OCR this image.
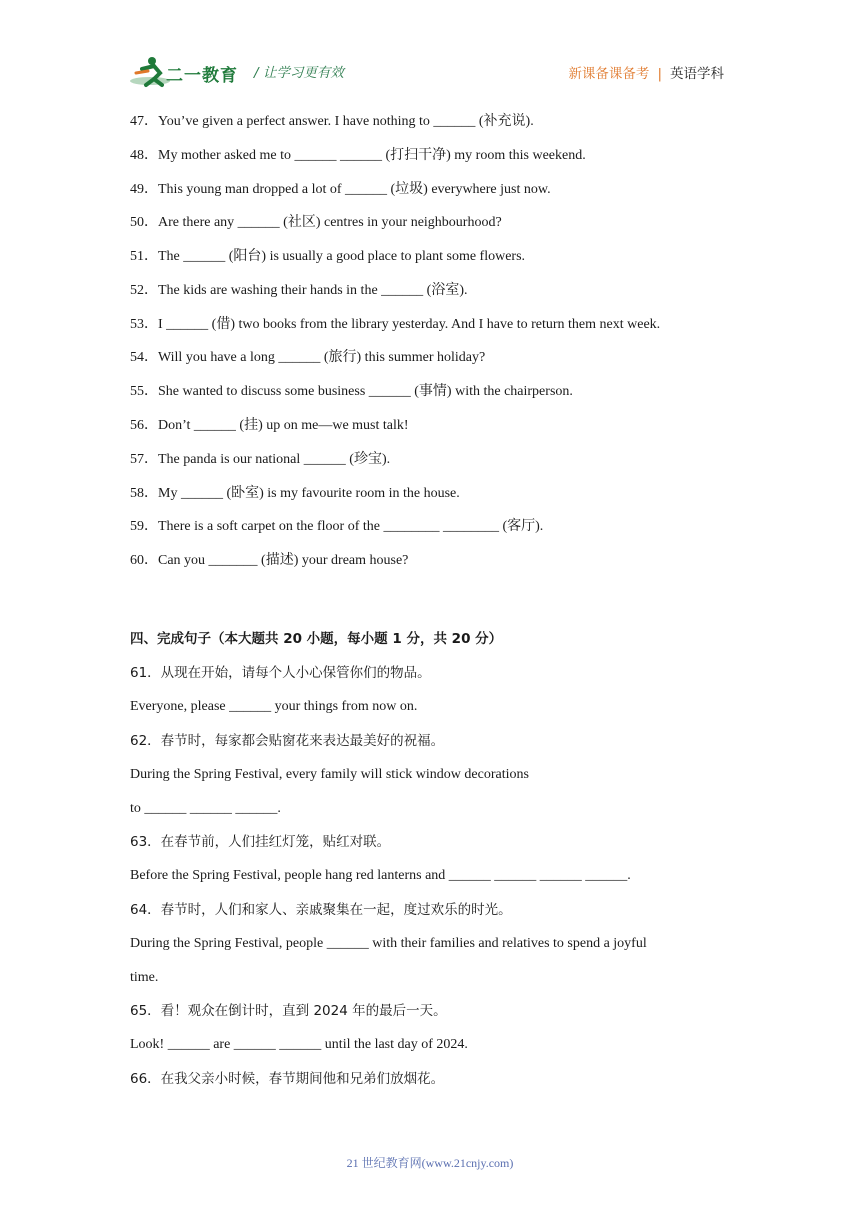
二一教育 / 让学习更有效	新课备课备考 | 英语学科
47．You’ve given a perfect answer. I have nothing to ______ (补充说).
48．My mother asked me to ______ ______ (打扫干净) my room this weekend.
49．This young man dropped a lot of ______ (垃圾) everywhere just now.
50．Are there any ______ (社区) centres in your neighbourhood?
51．The ______ (阳台) is usually a good place to plant some flowers.
52．The kids are washing their hands in the ______ (浴室).
53．I ______ (借) two books from the library yesterday. And I have to return them next week.
54．Will you have a long ______ (旅行) this summer holiday?
55．She wanted to discuss some business ______ (事情) with the chairperson.
56．Don’t ______ (挂) up on me—we must talk!
57．The panda is our national ______ (珍宝).
58．My ______ (卧室) is my favourite room in the house.
59．There is a soft carpet on the floor of the ________ ________ (客厅).
60．Can you _______ (描述) your dream house?
四、完成句子（本大题共 20 小题，每小题 1 分，共 20 分）
61．从现在开始，请每个人小心保管你们的物品。
Everyone, please ______ your things from now on.
62．春节时，每家都会贴窗花来表达最美好的祝福。
During the Spring Festival, every family will stick window decorations
to ______ ______ ______.
63．在春节前，人们挂红灯笼，贴红对联。
Before the Spring Festival, people hang red lanterns and ______ ______ ______ ______.
64．春节时，人们和家人、亲戚聚集在一起，度过欢乐的时光。
During the Spring Festival, people ______ with their families and relatives to spend a joyful
time.
65．看！观众在倒计时，直到 2024 年的最后一天。
Look! ______ are ______ ______ until the last day of 2024.
66．在我父亲小时候，春节期间他和兄弟们放烟花。
21 世纪教育网(www.21cnjy.com)
